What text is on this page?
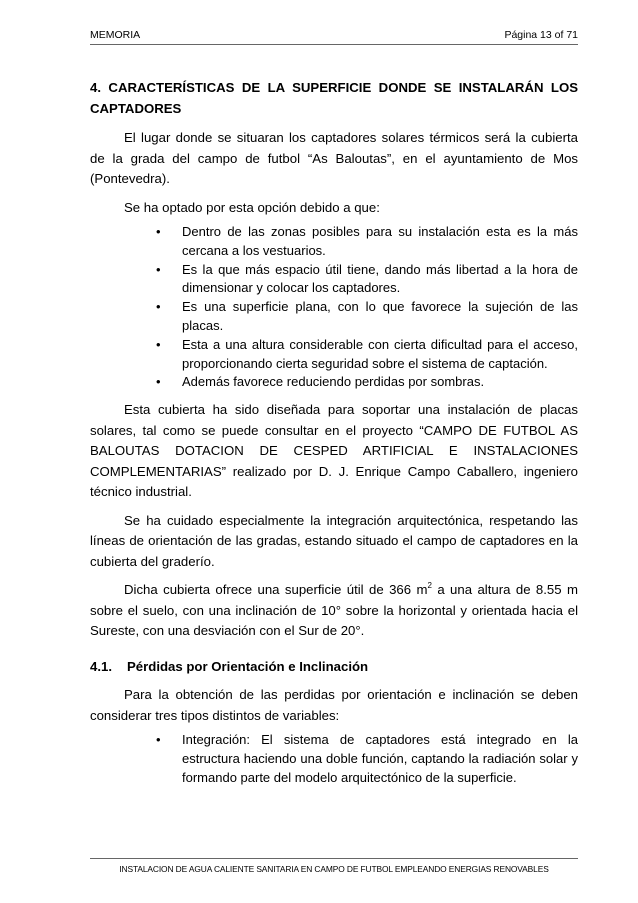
MEMORIA	Página 13 of 71
4. CARACTERÍSTICAS DE LA SUPERFICIE DONDE SE INSTALARÁN LOS
CAPTADORES

El lugar donde se situaran los captadores solares térmicos será la cubierta de la grada del campo de futbol “As Baloutas”, en el ayuntamiento de Mos (Pontevedra).

Se ha optado por esta opción debido a que:

• Dentro de las zonas posibles para su instalación esta es la más cercana a los vestuarios.
• Es la que más espacio útil tiene, dando más libertad a la hora de dimensionar y colocar los captadores.
• Es una superficie plana, con lo que favorece la sujeción de las placas.
• Esta a una altura considerable con cierta dificultad para el acceso, proporcionando cierta seguridad sobre el sistema de captación.
• Además favorece reduciendo perdidas por sombras.

Esta cubierta ha sido diseñada para soportar una instalación de placas solares, tal como se puede consultar en el proyecto “CAMPO DE FUTBOL AS BALOUTAS DOTACION DE CESPED ARTIFICIAL E INSTALACIONES COMPLEMENTARIAS” realizado por D. J. Enrique Campo Caballero, ingeniero técnico industrial.

Se ha cuidado especialmente la integración arquitectónica, respetando las líneas de orientación de las gradas, estando situado el campo de captadores en la cubierta del graderío.

Dicha cubierta ofrece una superficie útil de 366 $m^2$ a una altura de 8.55 m sobre el suelo, con una inclinación de 10° sobre la horizontal y orientada hacia el Sureste, con una desviación con el Sur de 20°.

4.1. Pérdidas por Orientación e Inclinación

Para la obtención de las perdidas por orientación e inclinación se deben considerar tres tipos distintos de variables:

• Integración: El sistema de captadores está integrado en la estructura haciendo una doble función, captando la radiación solar y formando parte del modelo arquitectónico de la superficie.
INSTALACION DE AGUA CALIENTE SANITARIA EN CAMPO DE FUTBOL EMPLEANDO ENERGIAS RENOVABLES
